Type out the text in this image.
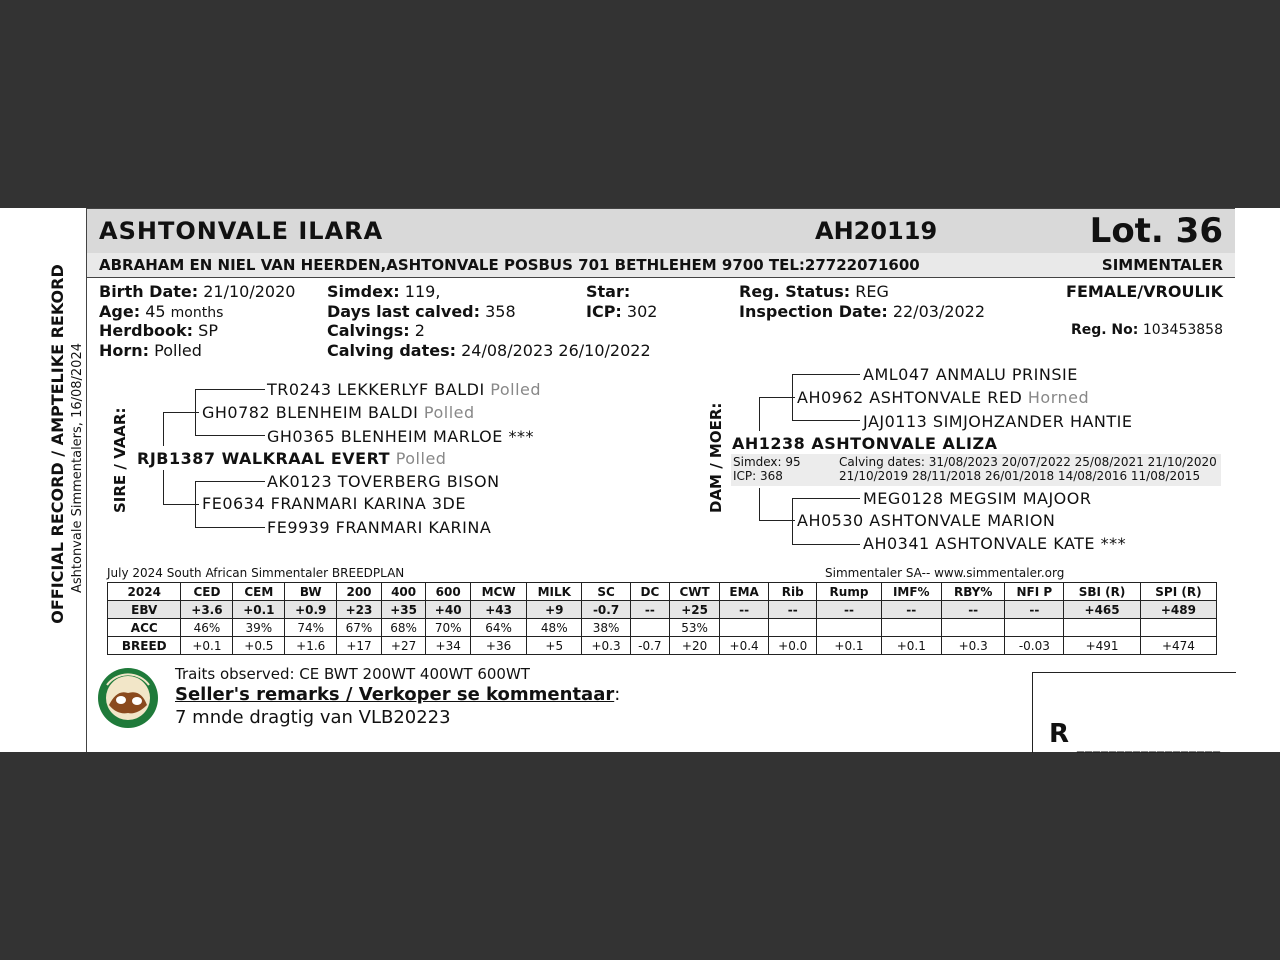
OFFICIAL RECORD / AMPTELIKE REKORD Ashtonvale Simmentalers, 16/08/2024
ASHTONVALE ILARA	AH20119	Lot. 36
ABRAHAM EN NIEL VAN HEERDEN,ASHTONVALE POSBUS 701 BETHLEHEM 9700 TEL:27722071600	SIMMENTALER
Birth Date: 21/10/2020
Age: 45 months
Herdbook: SP
Horn: Polled
Simdex: 119,
Days last calved: 358
Calvings: 2
Calving dates: 24/08/2023 26/10/2022
Star:
ICP: 302
Reg. Status: REG
Inspection Date: 22/03/2022
FEMALE/VROULIK
Reg. No: 103453858
SIRE / VAAR:
TR0243 LEKKERLYF BALDI Polled
GH0782 BLENHEIM BALDI Polled
GH0365 BLENHEIM MARLOE ***
RJB1387 WALKRAAL EVERT Polled
AK0123 TOVERBERG BISON
FE0634 FRANMARI KARINA 3DE
FE9939 FRANMARI KARINA
DAM / MOER:
AML047 ANMALU PRINSIE
AH0962 ASHTONVALE RED Horned
JAJ0113 SIMJOHZANDER HANTIE
AH1238 ASHTONVALE ALIZA
Simdex: 95
ICP: 368
Calving dates: 31/08/2023 20/07/2022 25/08/2021 21/10/2020
21/10/2019 28/11/2018 26/01/2018 14/08/2016 11/08/2015
MEG0128 MEGSIM MAJOOR
AH0530 ASHTONVALE MARION
AH0341 ASHTONVALE KATE ***
July 2024 South African Simmentaler BREEDPLAN	Simmentaler SA-- www.simmentaler.org
2024	CED	CEM	BW	200	400	600	MCW	MILK	SC	DC	CWT	EMA	Rib	Rump	IMF%	RBY%	NFI P	SBI (R)	SPI (R)
EBV	+3.6	+0.1	+0.9	+23	+35	+40	+43	+9	-0.7	--	+25	--	--	--	--	--	--	+465	+489
ACC	46%	39%	74%	67%	68%	70%	64%	48%	38%		53%								
BREED	+0.1	+0.5	+1.6	+17	+27	+34	+36	+5	+0.3	-0.7	+20	+0.4	+0.0	+0.1	+0.1	+0.3	-0.03	+491	+474
Traits observed: CE BWT 200WT 400WT 600WT
Seller's remarks / Verkoper se kommentaar:
7 mnde dragtig van VLB20223
R __________________
